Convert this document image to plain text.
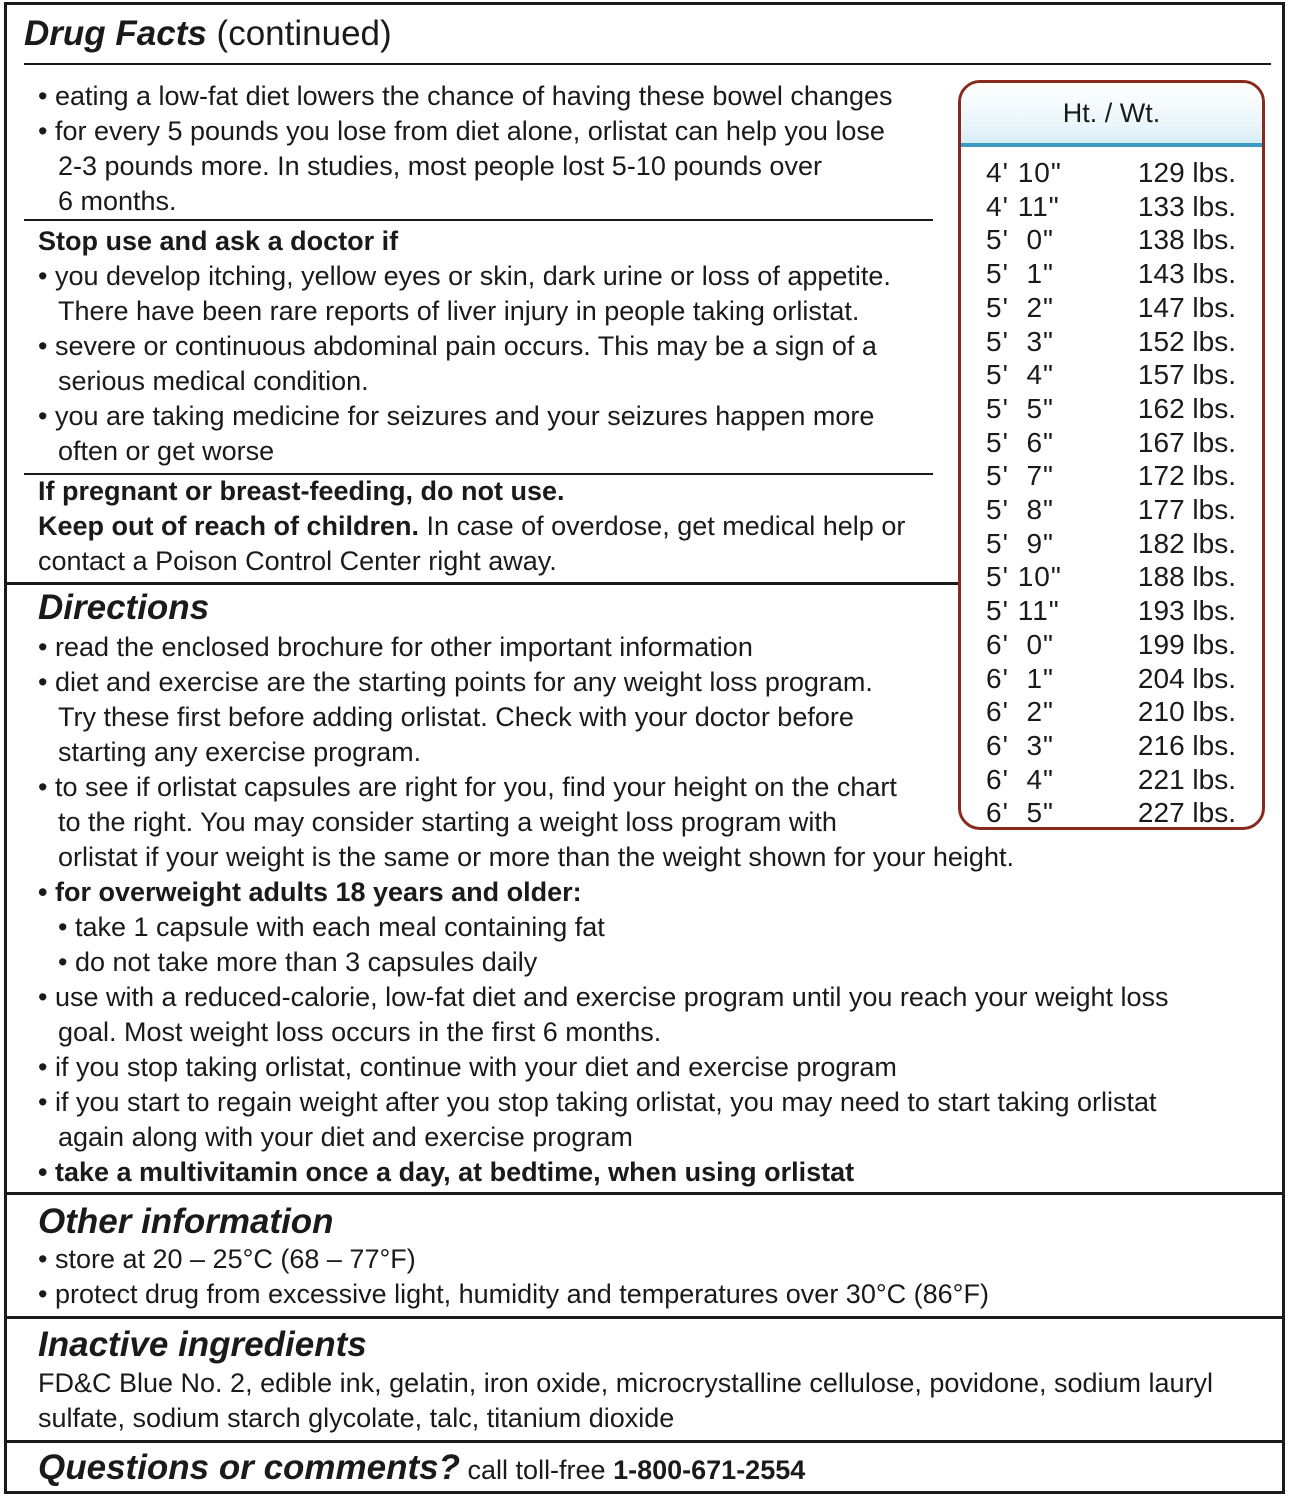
Drug Facts (continued)
• eating a low-fat diet lowers the chance of having these bowel changes
• for every 5 pounds you lose from diet alone, orlistat can help you lose
2-3 pounds more. In studies, most people lost 5-10 pounds over
6 months.
Stop use and ask a doctor if
• you develop itching, yellow eyes or skin, dark urine or loss of appetite.
There have been rare reports of liver injury in people taking orlistat.
• severe or continuous abdominal pain occurs. This may be a sign of a
serious medical condition.
• you are taking medicine for seizures and your seizures happen more
often or get worse
If pregnant or breast-feeding, do not use.
Keep out of reach of children. In case of overdose, get medical help or
contact a Poison Control Center right away.
Directions
• read the enclosed brochure for other important information
• diet and exercise are the starting points for any weight loss program.
Try these first before adding orlistat. Check with your doctor before
starting any exercise program.
• to see if orlistat capsules are right for you, find your height on the chart
to the right. You may consider starting a weight loss program with
orlistat if your weight is the same or more than the weight shown for your height.
• for overweight adults 18 years and older:
• take 1 capsule with each meal containing fat
• do not take more than 3 capsules daily
• use with a reduced-calorie, low-fat diet and exercise program until you reach your weight loss
goal. Most weight loss occurs in the first 6 months.
• if you stop taking orlistat, continue with your diet and exercise program
• if you start to regain weight after you stop taking orlistat, you may need to start taking orlistat
again along with your diet and exercise program
• take a multivitamin once a day, at bedtime, when using orlistat
Other information
• store at 20 – 25°C (68 – 77°F)
• protect drug from excessive light, humidity and temperatures over 30°C (86°F)
Inactive ingredients
FD&C Blue No. 2, edible ink, gelatin, iron oxide, microcrystalline cellulose, povidone, sodium lauryl
sulfate, sodium starch glycolate, talc, titanium dioxide
Questions or comments? call toll-free 1-800-671-2554
Ht. / Wt.
4' 10"	129 lbs.
4' 11"	133 lbs.
5'  0"	138 lbs.
5'  1"	143 lbs.
5'  2"	147 lbs.
5'  3"	152 lbs.
5'  4"	157 lbs.
5'  5"	162 lbs.
5'  6"	167 lbs.
5'  7"	172 lbs.
5'  8"	177 lbs.
5'  9"	182 lbs.
5' 10"	188 lbs.
5' 11"	193 lbs.
6'  0"	199 lbs.
6'  1"	204 lbs.
6'  2"	210 lbs.
6'  3"	216 lbs.
6'  4"	221 lbs.
6'  5"	227 lbs.
